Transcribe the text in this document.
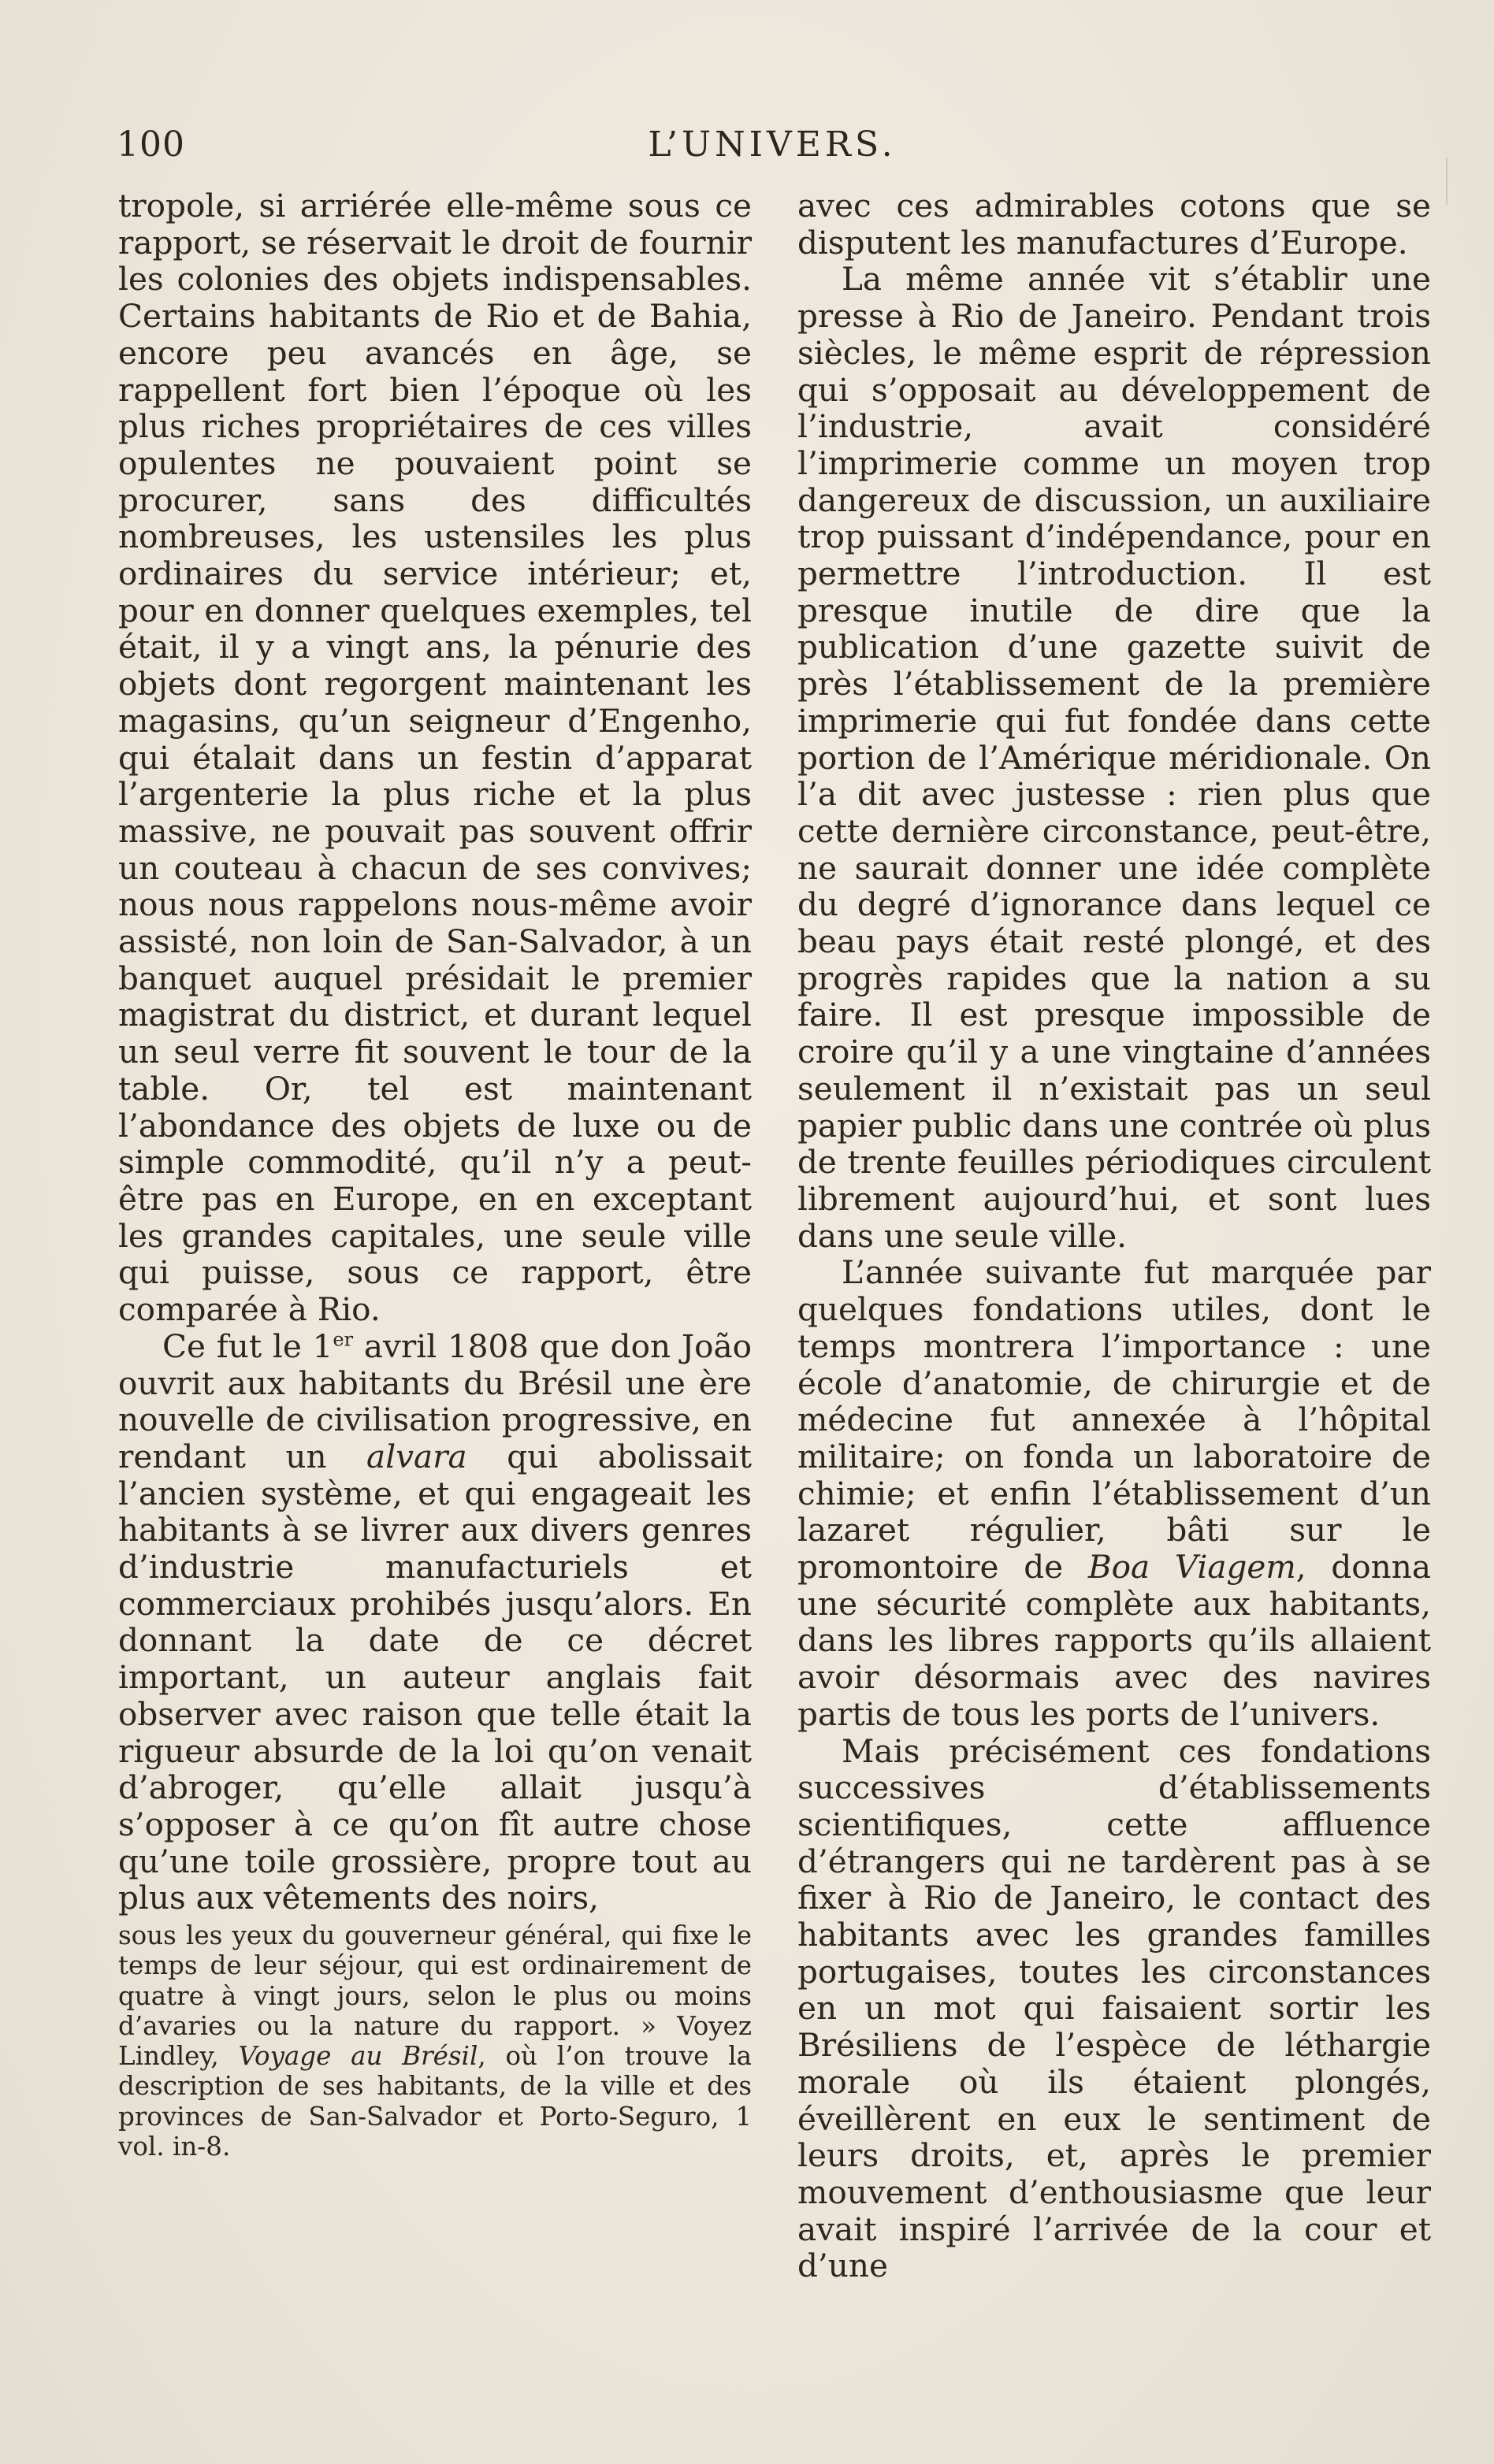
100	L’UNIVERS.

tropole, si arriérée elle-même sous ce rapport, se réservait le droit de fournir les colonies des objets indispensables. Certains habitants de Rio et de Bahia, encore peu avancés en âge, se rappellent fort bien l’époque où les plus riches propriétaires de ces villes opulentes ne pouvaient point se procurer, sans des difficultés nombreuses, les ustensiles les plus ordinaires du service intérieur; et, pour en donner quelques exemples, tel était, il y a vingt ans, la pénurie des objets dont regorgent maintenant les magasins, qu’un seigneur d’Engenho, qui étalait dans un festin d’apparat l’argenterie la plus riche et la plus massive, ne pouvait pas souvent offrir un couteau à chacun de ses convives; nous nous rappelons nous-même avoir assisté, non loin de San-Salvador, à un banquet auquel présidait le premier magistrat du district, et durant lequel un seul verre fit souvent le tour de la table. Or, tel est maintenant l’abondance des objets de luxe ou de simple commodité, qu’il n’y a peut-être pas en Europe, en en exceptant les grandes capitales, une seule ville qui puisse, sous ce rapport, être comparée à Rio.

Ce fut le 1er avril 1808 que don João ouvrit aux habitants du Brésil une ère nouvelle de civilisation progressive, en rendant un alvara qui abolissait l’ancien système, et qui engageait les habitants à se livrer aux divers genres d’industrie manufacturiels et commerciaux prohibés jusqu’alors. En donnant la date de ce décret important, un auteur anglais fait observer avec raison que telle était la rigueur absurde de la loi qu’on venait d’abroger, qu’elle allait jusqu’à s’opposer à ce qu’on fît autre chose qu’une toile grossière, propre tout au plus aux vêtements des noirs,

sous les yeux du gouverneur général, qui fixe le temps de leur séjour, qui est ordinairement de quatre à vingt jours, selon le plus ou moins d’avaries ou la nature du rapport. » Voyez Lindley, Voyage au Brésil, où l’on trouve la description de ses habitants, de la ville et des provinces de San-Salvador et Porto-Seguro, 1 vol. in-8.

avec ces admirables cotons que se disputent les manufactures d’Europe.

La même année vit s’établir une presse à Rio de Janeiro. Pendant trois siècles, le même esprit de répression qui s’opposait au développement de l’industrie, avait considéré l’imprimerie comme un moyen trop dangereux de discussion, un auxiliaire trop puissant d’indépendance, pour en permettre l’introduction. Il est presque inutile de dire que la publication d’une gazette suivit de près l’établissement de la première imprimerie qui fut fondée dans cette portion de l’Amérique méridionale. On l’a dit avec justesse : rien plus que cette dernière circonstance, peut-être, ne saurait donner une idée complète du degré d’ignorance dans lequel ce beau pays était resté plongé, et des progrès rapides que la nation a su faire. Il est presque impossible de croire qu’il y a une vingtaine d’années seulement il n’existait pas un seul papier public dans une contrée où plus de trente feuilles périodiques circulent librement aujourd’hui, et sont lues dans une seule ville.

L’année suivante fut marquée par quelques fondations utiles, dont le temps montrera l’importance : une école d’anatomie, de chirurgie et de médecine fut annexée à l’hôpital militaire; on fonda un laboratoire de chimie; et enfin l’établissement d’un lazaret régulier, bâti sur le promontoire de Boa Viagem, donna une sécurité complète aux habitants, dans les libres rapports qu’ils allaient avoir désormais avec des navires partis de tous les ports de l’univers.

Mais précisément ces fondations successives d’établissements scientifiques, cette affluence d’étrangers qui ne tardèrent pas à se fixer à Rio de Janeiro, le contact des habitants avec les grandes familles portugaises, toutes les circonstances en un mot qui faisaient sortir les Brésiliens de l’espèce de léthargie morale où ils étaient plongés, éveillèrent en eux le sentiment de leurs droits, et, après le premier mouvement d’enthousiasme que leur avait inspiré l’arrivée de la cour et d’une
